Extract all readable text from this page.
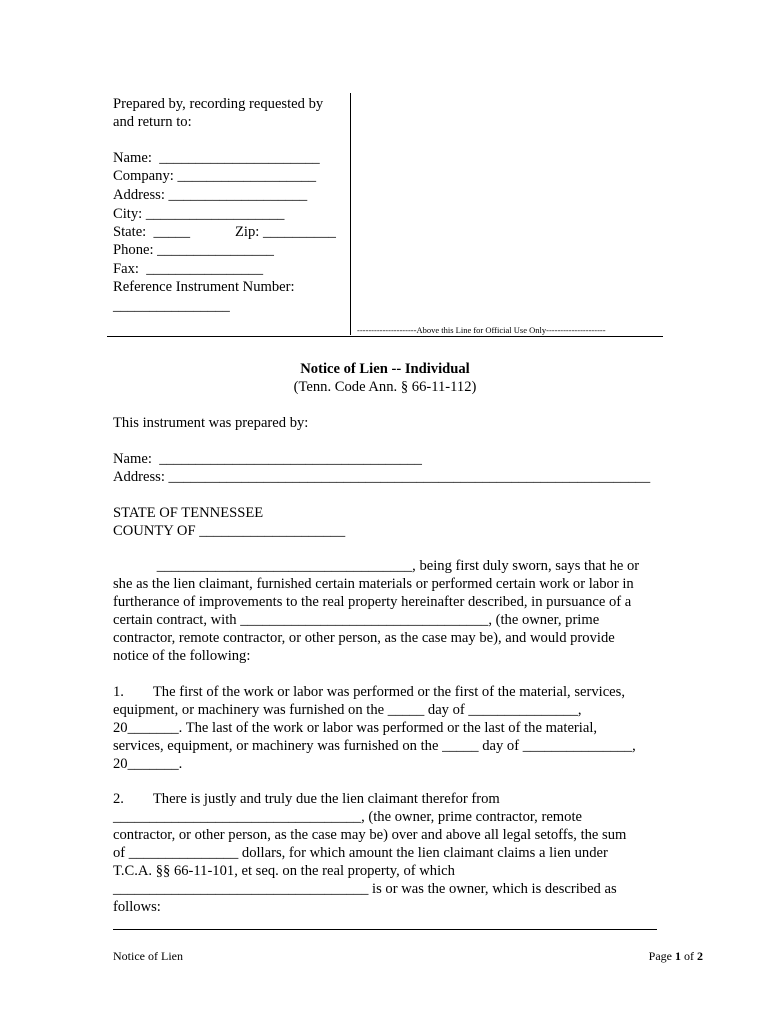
Prepared by, recording requested by
and return to:
Name:  ______________________
Company: ___________________
Address: ___________________
City: ___________________
State:  _____	Zip: __________
Phone: ________________
Fax:  ________________
Reference Instrument Number:
________________
---------------------Above this Line for Official Use Only---------------------
Notice of Lien -- Individual
(Tenn. Code Ann. § 66-11-112)
This instrument was prepared by:
Name:  ____________________________________
Address: __________________________________________________________________
STATE OF TENNESSEE
COUNTY OF ____________________
___________________________________, being first duly sworn, says that he or
she as the lien claimant, furnished certain materials or performed certain work or labor in
furtherance of improvements to the real property hereinafter described, in pursuance of a
certain contract, with __________________________________, (the owner, prime
contractor, remote contractor, or other person, as the case may be), and would provide
notice of the following:
1.        The first of the work or labor was performed or the first of the material, services,
equipment, or machinery was furnished on the _____ day of _______________,
20_______. The last of the work or labor was performed or the last of the material,
services, equipment, or machinery was furnished on the _____ day of _______________,
20_______.
2.        There is justly and truly due the lien claimant therefor from
__________________________________, (the owner, prime contractor, remote
contractor, or other person, as the case may be) over and above all legal setoffs, the sum
of _______________ dollars, for which amount the lien claimant claims a lien under
T.C.A. §§ 66-11-101, et seq. on the real property, of which
___________________________________ is or was the owner, which is described as
follows:
Notice of Lien	Page 1 of 2
